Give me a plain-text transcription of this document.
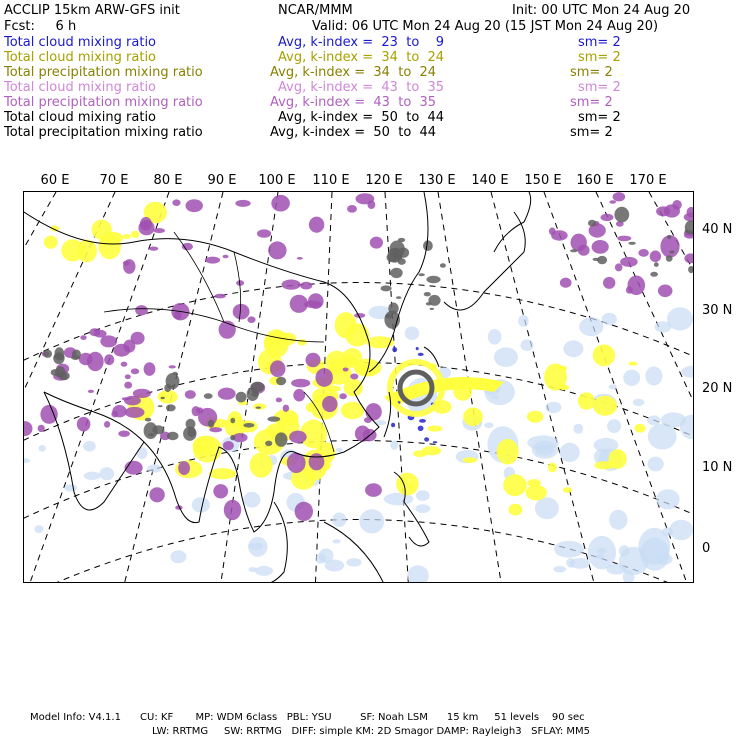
ACCLIP 15km ARW-GFS init	NCAR/MMM	Init: 00 UTC Mon 24 Aug 20
Fcst:     6 h	Valid: 06 UTC Mon 24 Aug 20 (15 JST Mon 24 Aug 20)
Total cloud mixing ratio	Avg, k-index =  23  to    9	sm= 2
Total cloud mixing ratio	Avg, k-index =  34  to  24	sm= 2
Total precipitation mixing ratio	Avg, k-index =  34  to  24	sm= 2
Total cloud mixing ratio	Avg, k-index =  43  to  35	sm= 2
Total precipitation mixing ratio	Avg, k-index =  43  to  35	sm= 2
Total cloud mixing ratio	Avg, k-index =  50  to  44	sm= 2
Total precipitation mixing ratio	Avg, k-index =  50  to  44	sm= 2
60 E 70 E 80 E 90 E 100 E 110 E 120 E 130 E 140 E 150 E 160 E 170 E
40 N
30 N
20 N
10 N
0
Model Info: V4.1.1      CU: KF       MP: WDM 6class   PBL: YSU         SF: Noah LSM      15 km     51 levels    90 sec
LW: RRTMG     SW: RRTMG   DIFF: simple KM: 2D Smagor DAMP: Rayleigh3   SFLAY: MM5
